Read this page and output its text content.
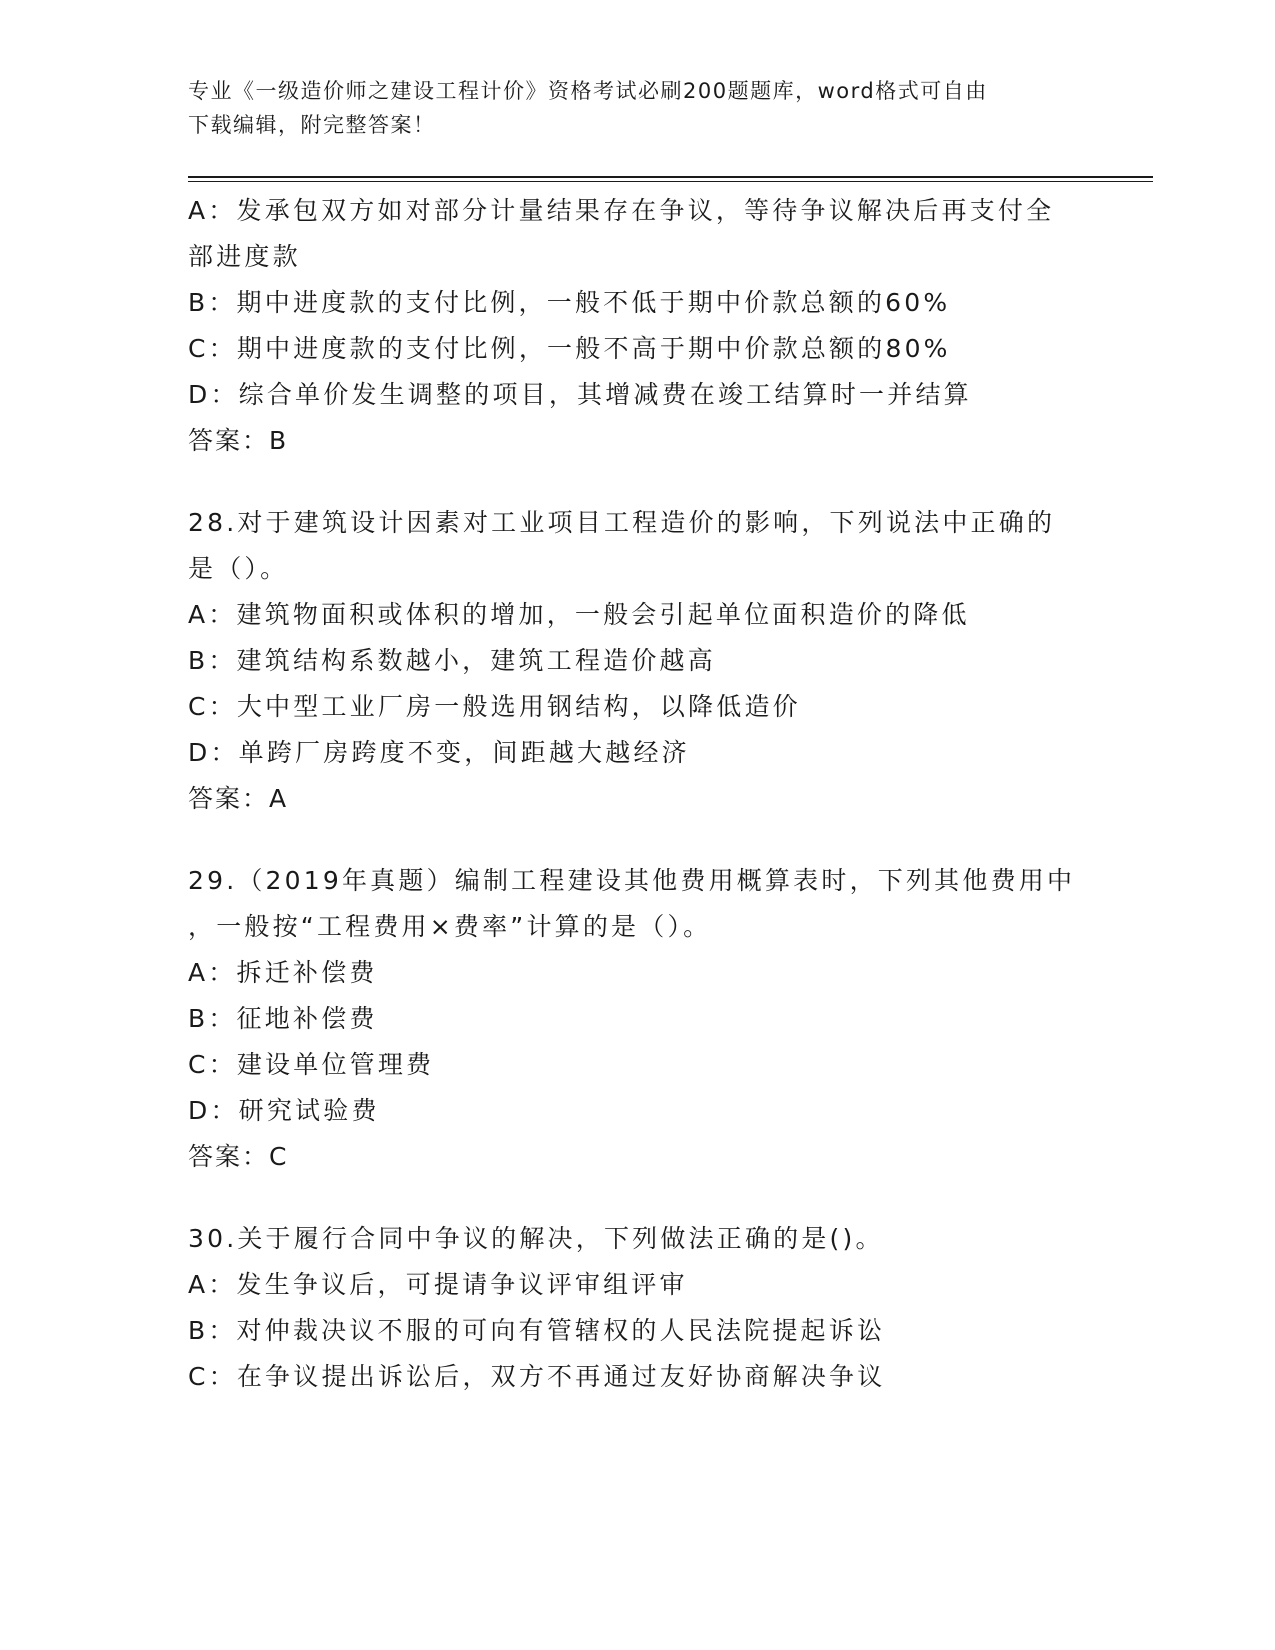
专业《一级造价师之建设工程计价》资格考试必刷200题题库，word格式可自由
下载编辑，附完整答案！
A：发承包双方如对部分计量结果存在争议，等待争议解决后再支付全
部进度款
B：期中进度款的支付比例，一般不低于期中价款总额的60%
C：期中进度款的支付比例，一般不高于期中价款总额的80%
D：综合单价发生调整的项目，其增减费在竣工结算时一并结算
答案：B
28.对于建筑设计因素对工业项目工程造价的影响，下列说法中正确的
是（）。
A：建筑物面积或体积的增加，一般会引起单位面积造价的降低
B：建筑结构系数越小，建筑工程造价越高
C：大中型工业厂房一般选用钢结构，以降低造价
D：单跨厂房跨度不变，间距越大越经济
答案：A
29.（2019年真题）编制工程建设其他费用概算表时，下列其他费用中
，一般按“工程费用×费率”计算的是（）。
A：拆迁补偿费
B：征地补偿费
C：建设单位管理费
D：研究试验费
答案：C
30.关于履行合同中争议的解决，下列做法正确的是()。
A：发生争议后，可提请争议评审组评审
B：对仲裁决议不服的可向有管辖权的人民法院提起诉讼
C：在争议提出诉讼后，双方不再通过友好协商解决争议
